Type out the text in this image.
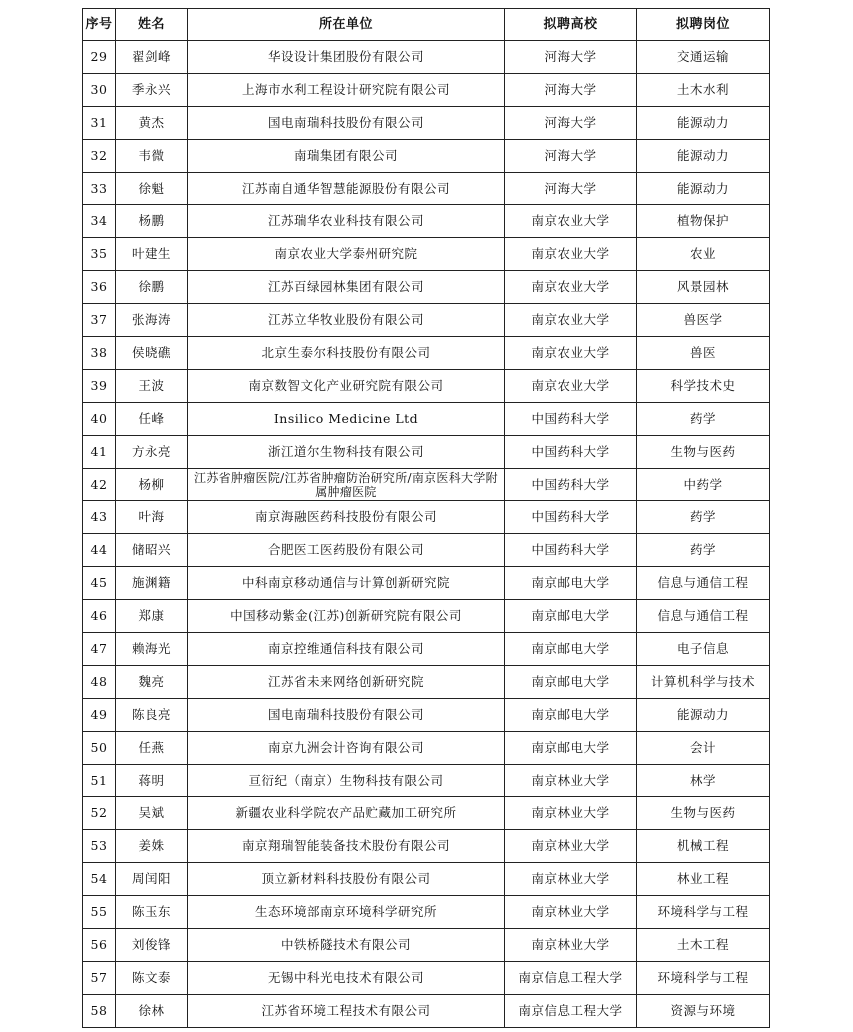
序号	姓名	所在单位	拟聘高校	拟聘岗位
29	翟剑峰	华设设计集团股份有限公司	河海大学	交通运输
30	季永兴	上海市水利工程设计研究院有限公司	河海大学	土木水利
31	黄杰	国电南瑞科技股份有限公司	河海大学	能源动力
32	韦微	南瑞集团有限公司	河海大学	能源动力
33	徐魁	江苏南自通华智慧能源股份有限公司	河海大学	能源动力
34	杨鹏	江苏瑞华农业科技有限公司	南京农业大学	植物保护
35	叶建生	南京农业大学泰州研究院	南京农业大学	农业
36	徐鹏	江苏百绿园林集团有限公司	南京农业大学	风景园林
37	张海涛	江苏立华牧业股份有限公司	南京农业大学	兽医学
38	侯晓礁	北京生泰尔科技股份有限公司	南京农业大学	兽医
39	王波	南京数智文化产业研究院有限公司	南京农业大学	科学技术史
40	任峰	Insilico Medicine Ltd	中国药科大学	药学
41	方永亮	浙江道尔生物科技有限公司	中国药科大学	生物与医药
42	杨柳	江苏省肿瘤医院/江苏省肿瘤防治研究所/南京医科大学附属肿瘤医院	中国药科大学	中药学
43	叶海	南京海融医药科技股份有限公司	中国药科大学	药学
44	储昭兴	合肥医工医药股份有限公司	中国药科大学	药学
45	施渊籍	中科南京移动通信与计算创新研究院	南京邮电大学	信息与通信工程
46	郑康	中国移动紫金(江苏)创新研究院有限公司	南京邮电大学	信息与通信工程
47	赖海光	南京控维通信科技有限公司	南京邮电大学	电子信息
48	魏亮	江苏省未来网络创新研究院	南京邮电大学	计算机科学与技术
49	陈良亮	国电南瑞科技股份有限公司	南京邮电大学	能源动力
50	任燕	南京九洲会计咨询有限公司	南京邮电大学	会计
51	蒋明	亘衍纪（南京）生物科技有限公司	南京林业大学	林学
52	吴斌	新疆农业科学院农产品贮藏加工研究所	南京林业大学	生物与医药
53	姜姝	南京翔瑞智能装备技术股份有限公司	南京林业大学	机械工程
54	周闰阳	顶立新材料科技股份有限公司	南京林业大学	林业工程
55	陈玉东	生态环境部南京环境科学研究所	南京林业大学	环境科学与工程
56	刘俊锋	中铁桥隧技术有限公司	南京林业大学	土木工程
57	陈文泰	无锡中科光电技术有限公司	南京信息工程大学	环境科学与工程
58	徐林	江苏省环境工程技术有限公司	南京信息工程大学	资源与环境
